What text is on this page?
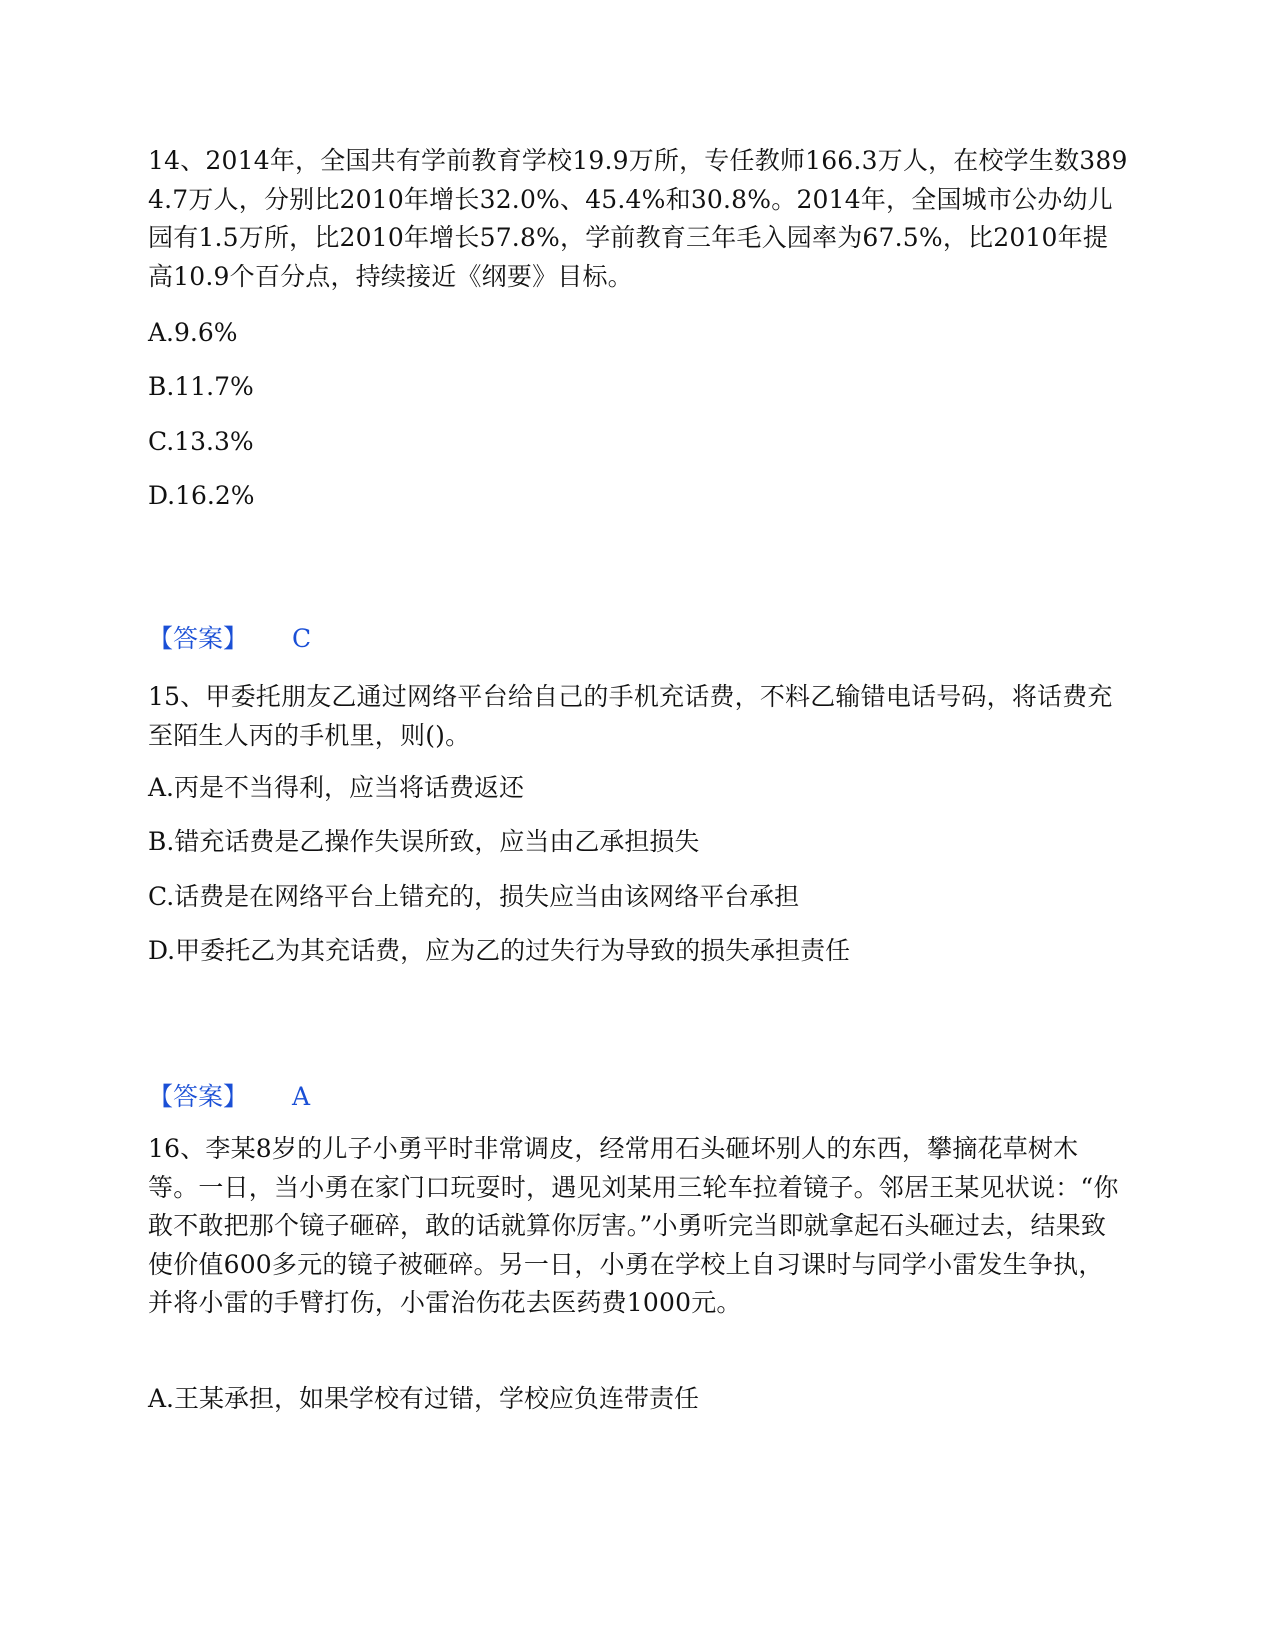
14、2014年，全国共有学前教育学校19.9万所，专任教师166.3万人，在校学生数3894.7万人，分别比2010年增长32.0%、45.4%和30.8%。2014年，全国城市公办幼儿园有1.5万所，比2010年增长57.8%，学前教育三年毛入园率为67.5%，比2010年提高10.9个百分点，持续接近《纲要》目标。

A.9.6%
B.11.7%
C.13.3%
D.16.2%
【答案】 C

15、甲委托朋友乙通过网络平台给自己的手机充话费，不料乙输错电话号码，将话费充至陌生人丙的手机里，则()。

A.丙是不当得利，应当将话费返还
B.错充话费是乙操作失误所致，应当由乙承担损失
C.话费是在网络平台上错充的，损失应当由该网络平台承担
D.甲委托乙为其充话费，应为乙的过失行为导致的损失承担责任
【答案】 A

16、李某8岁的儿子小勇平时非常调皮，经常用石头砸坏别人的东西，攀摘花草树木等。一日，当小勇在家门口玩耍时，遇见刘某用三轮车拉着镜子。邻居王某见状说：“你敢不敢把那个镜子砸碎，敢的话就算你厉害。”小勇听完当即就拿起石头砸过去，结果致使价值600多元的镜子被砸碎。另一日，小勇在学校上自习课时与同学小雷发生争执，并将小雷的手臂打伤，小雷治伤花去医药费1000元。

A.王某承担，如果学校有过错，学校应负连带责任
